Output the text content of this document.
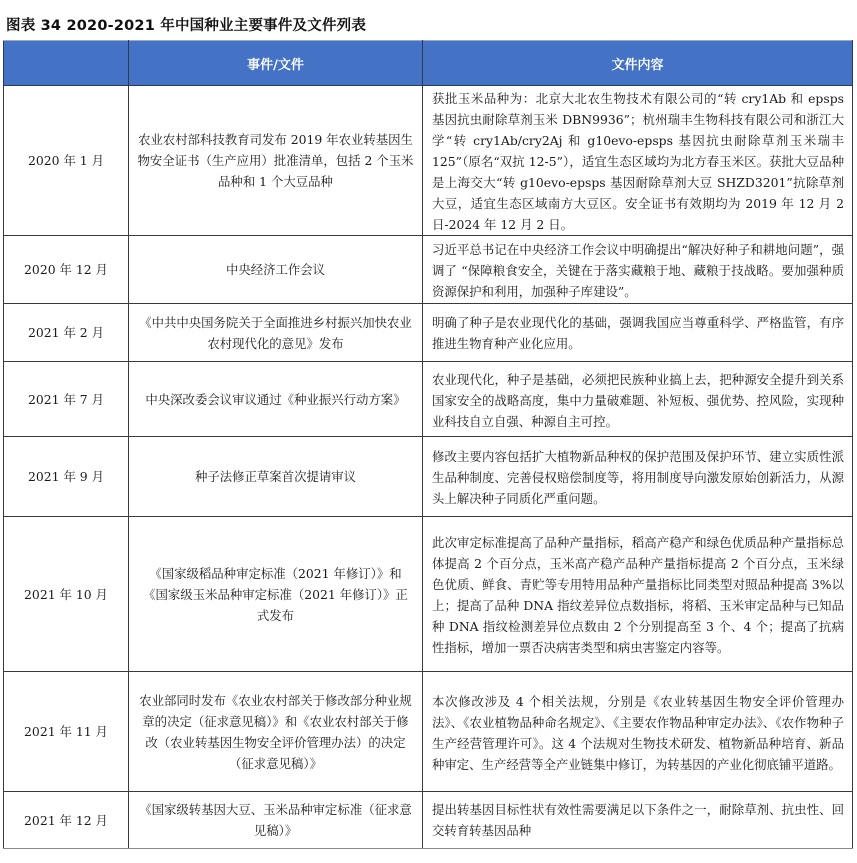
图表 34 2020-2021 年中国种业主要事件及文件列表
	事件/文件	文件内容
2020 年 1 月	农业农村部科技教育司发布 2019 年农业转基因生物安全证书（生产应用）批准清单，包括 2 个玉米品种和 1 个大豆品种	获批玉米品种为：北京大北农生物技术有限公司的“转 cry1Ab 和 epsps 基因抗虫耐除草剂玉米 DBN9936”；杭州瑞丰生物科技有限公司和浙江大学“转 cry1Ab/cry2Aj 和 g10evo-epsps 基因抗虫耐除草剂玉米瑞丰 125”（原名“双抗 12-5”），适宜生态区域均为北方春玉米区。获批大豆品种是上海交大“转 g10evo-epsps 基因耐除草剂大豆 SHZD3201”抗除草剂大豆，适宜生态区域南方大豆区。安全证书有效期均为 2019 年 12 月 2 日-2024 年 12 月 2 日。

2020 年 12 月	中央经济工作会议	习近平总书记在中央经济工作会议中明确提出“解决好种子和耕地问题”，强调了 “保障粮食安全，关键在于落实藏粮于地、藏粮于技战略。要加强种质资源保护和利用，加强种子库建设”。

2021 年 2 月	《中共中央国务院关于全面推进乡村振兴加快农业农村现代化的意见》发布	明确了种子是农业现代化的基础，强调我国应当尊重科学、严格监管，有序推进生物育种产业化应用。

2021 年 7 月	中央深改委会议审议通过《种业振兴行动方案》	农业现代化，种子是基础，必须把民族种业搞上去，把种源安全提升到关系国家安全的战略高度，集中力量破难题、补短板、强优势、控风险，实现种业科技自立自强、种源自主可控。

2021 年 9 月	种子法修正草案首次提请审议	修改主要内容包括扩大植物新品种权的保护范围及保护环节、建立实质性派生品种制度、完善侵权赔偿制度等，将用制度导向激发原始创新活力，从源头上解决种子同质化严重问题。

2021 年 10 月	《国家级稻品种审定标准（2021 年修订）》和《国家级玉米品种审定标准（2021 年修订）》正式发布	此次审定标准提高了品种产量指标，稻高产稳产和绿色优质品种产量指标总体提高 2 个百分点，玉米高产稳产品种产量指标提高 2 个百分点，玉米绿色优质、鲜食、青贮等专用特用品种产量指标比同类型对照品种提高 3%以上；提高了品种 DNA 指纹差异位点数指标，将稻、玉米审定品种与已知品种 DNA 指纹检测差异位点数由 2 个分别提高至 3 个、4 个；提高了抗病性指标，增加一票否决病害类型和病虫害鉴定内容等。

2021 年 11 月	农业部同时发布《农业农村部关于修改部分种业规章的决定（征求意见稿）》和《农业农村部关于修改（农业转基因生物安全评价管理办法）的决定（征求意见稿）》	本次修改涉及 4 个相关法规，分别是《农业转基因生物安全评价管理办法》、《农业植物品种命名规定》、《主要农作物品种审定办法》、《农作物种子生产经营管理许可》。这 4 个法规对生物技术研发、植物新品种培育、新品种审定、生产经营等全产业链集中修订，为转基因的产业化彻底铺平道路。

2021 年 12 月	《国家级转基因大豆、玉米品种审定标准（征求意见稿）》	提出转基因目标性状有效性需要满足以下条件之一，耐除草剂、抗虫性、回交转育转基因品种
